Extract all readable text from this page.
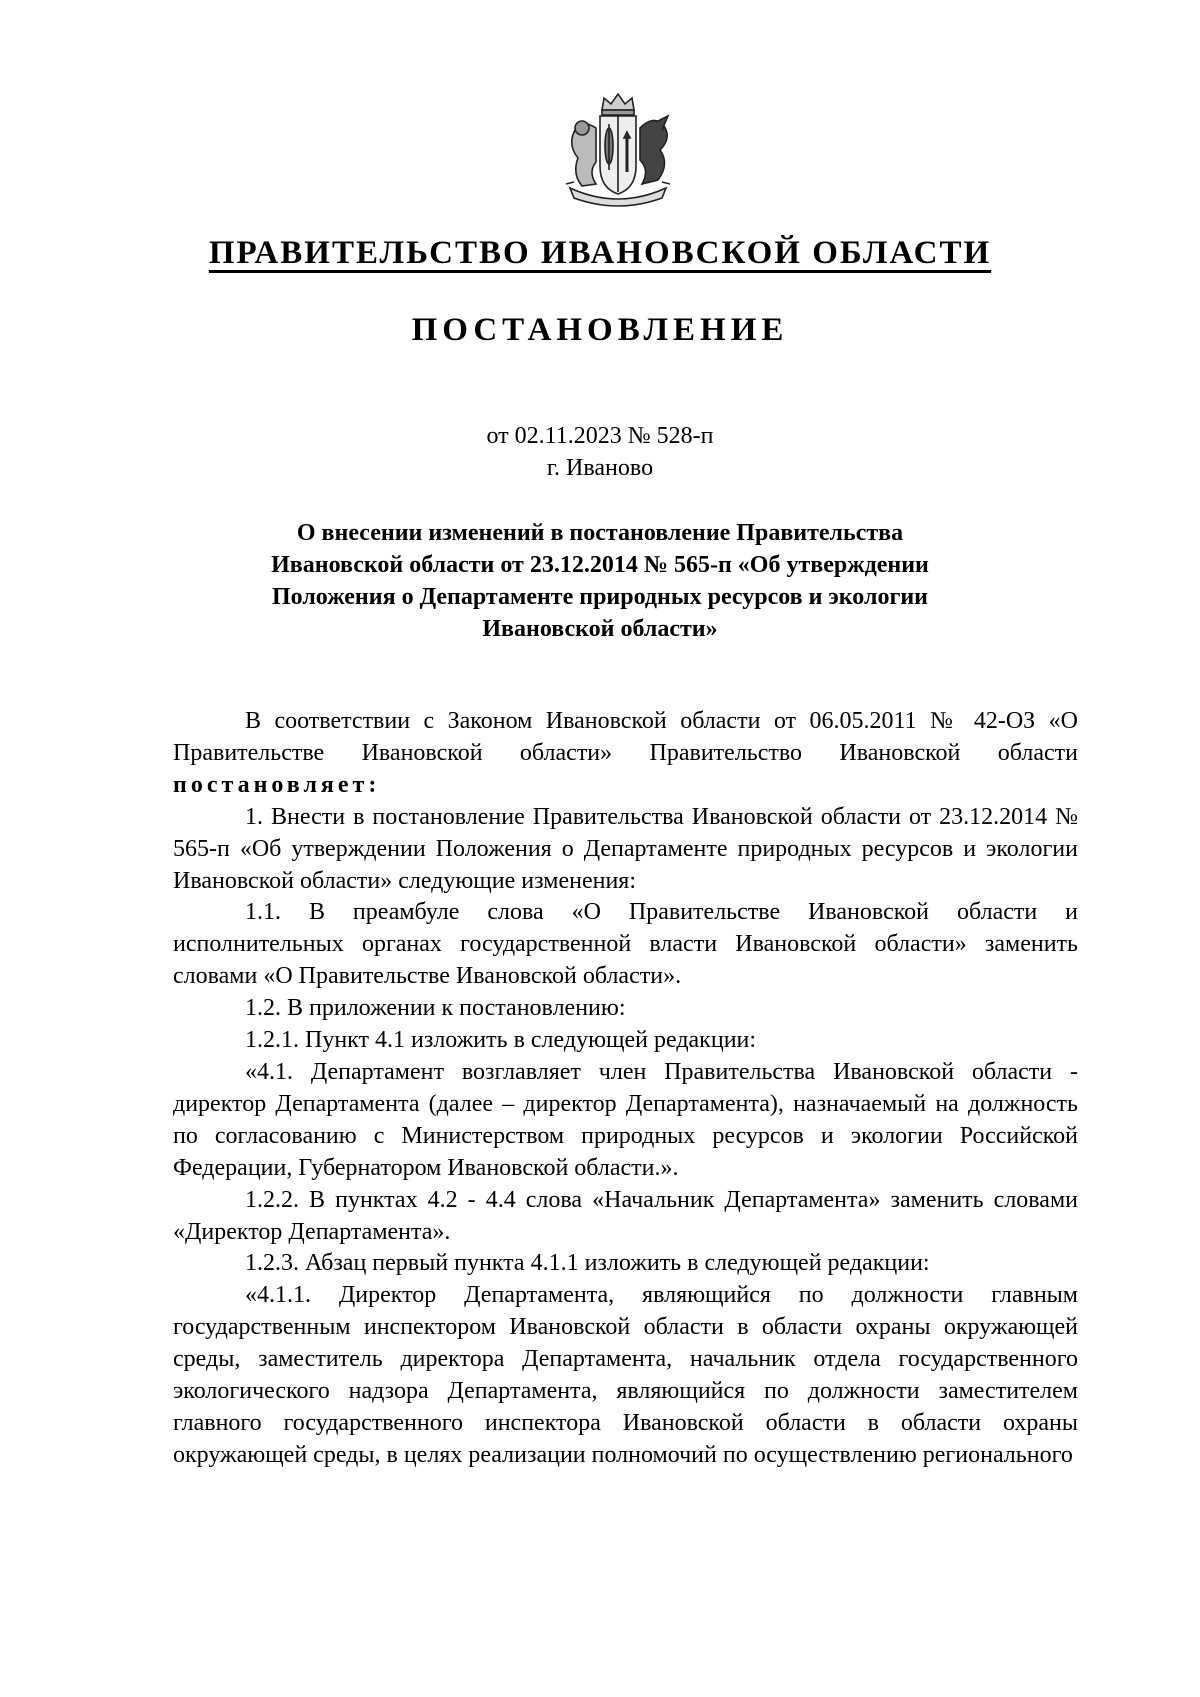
ПРАВИТЕЛЬСТВО ИВАНОВСКОЙ ОБЛАСТИ
ПОСТАНОВЛЕНИЕ
от 02.11.2023 № 528-п
г. Иваново
О внесении изменений в постановление Правительства
Ивановской области от 23.12.2014 № 565-п «Об утверждении
Положения о Департаменте природных ресурсов и экологии
Ивановской области»

В соответствии с Законом Ивановской области от 06.05.2011 № 42-ОЗ «О Правительстве Ивановской области» Правительство Ивановской области постановляет:

1. Внести в постановление Правительства Ивановской области от 23.12.2014 № 565-п «Об утверждении Положения о Департаменте природных ресурсов и экологии Ивановской области» следующие изменения:

1.1. В преамбуле слова «О Правительстве Ивановской области и исполнительных органах государственной власти Ивановской области» заменить словами «О Правительстве Ивановской области».

1.2. В приложении к постановлению:

1.2.1. Пункт 4.1 изложить в следующей редакции:

«4.1. Департамент возглавляет член Правительства Ивановской области - директор Департамента (далее – директор Департамента), назначаемый на должность по согласованию с Министерством природных ресурсов и экологии Российской Федерации, Губернатором Ивановской области.».

1.2.2. В пунктах 4.2 - 4.4 слова «Начальник Департамента» заменить словами «Директор Департамента».

1.2.3. Абзац первый пункта 4.1.1 изложить в следующей редакции:

«4.1.1. Директор Департамента, являющийся по должности главным государственным инспектором Ивановской области в области охраны окружающей среды, заместитель директора Департамента, начальник отдела государственного экологического надзора Департамента, являющийся по должности заместителем главного государственного инспектора Ивановской области в области охраны окружающей среды, в целях реализации полномочий по осуществлению регионального
